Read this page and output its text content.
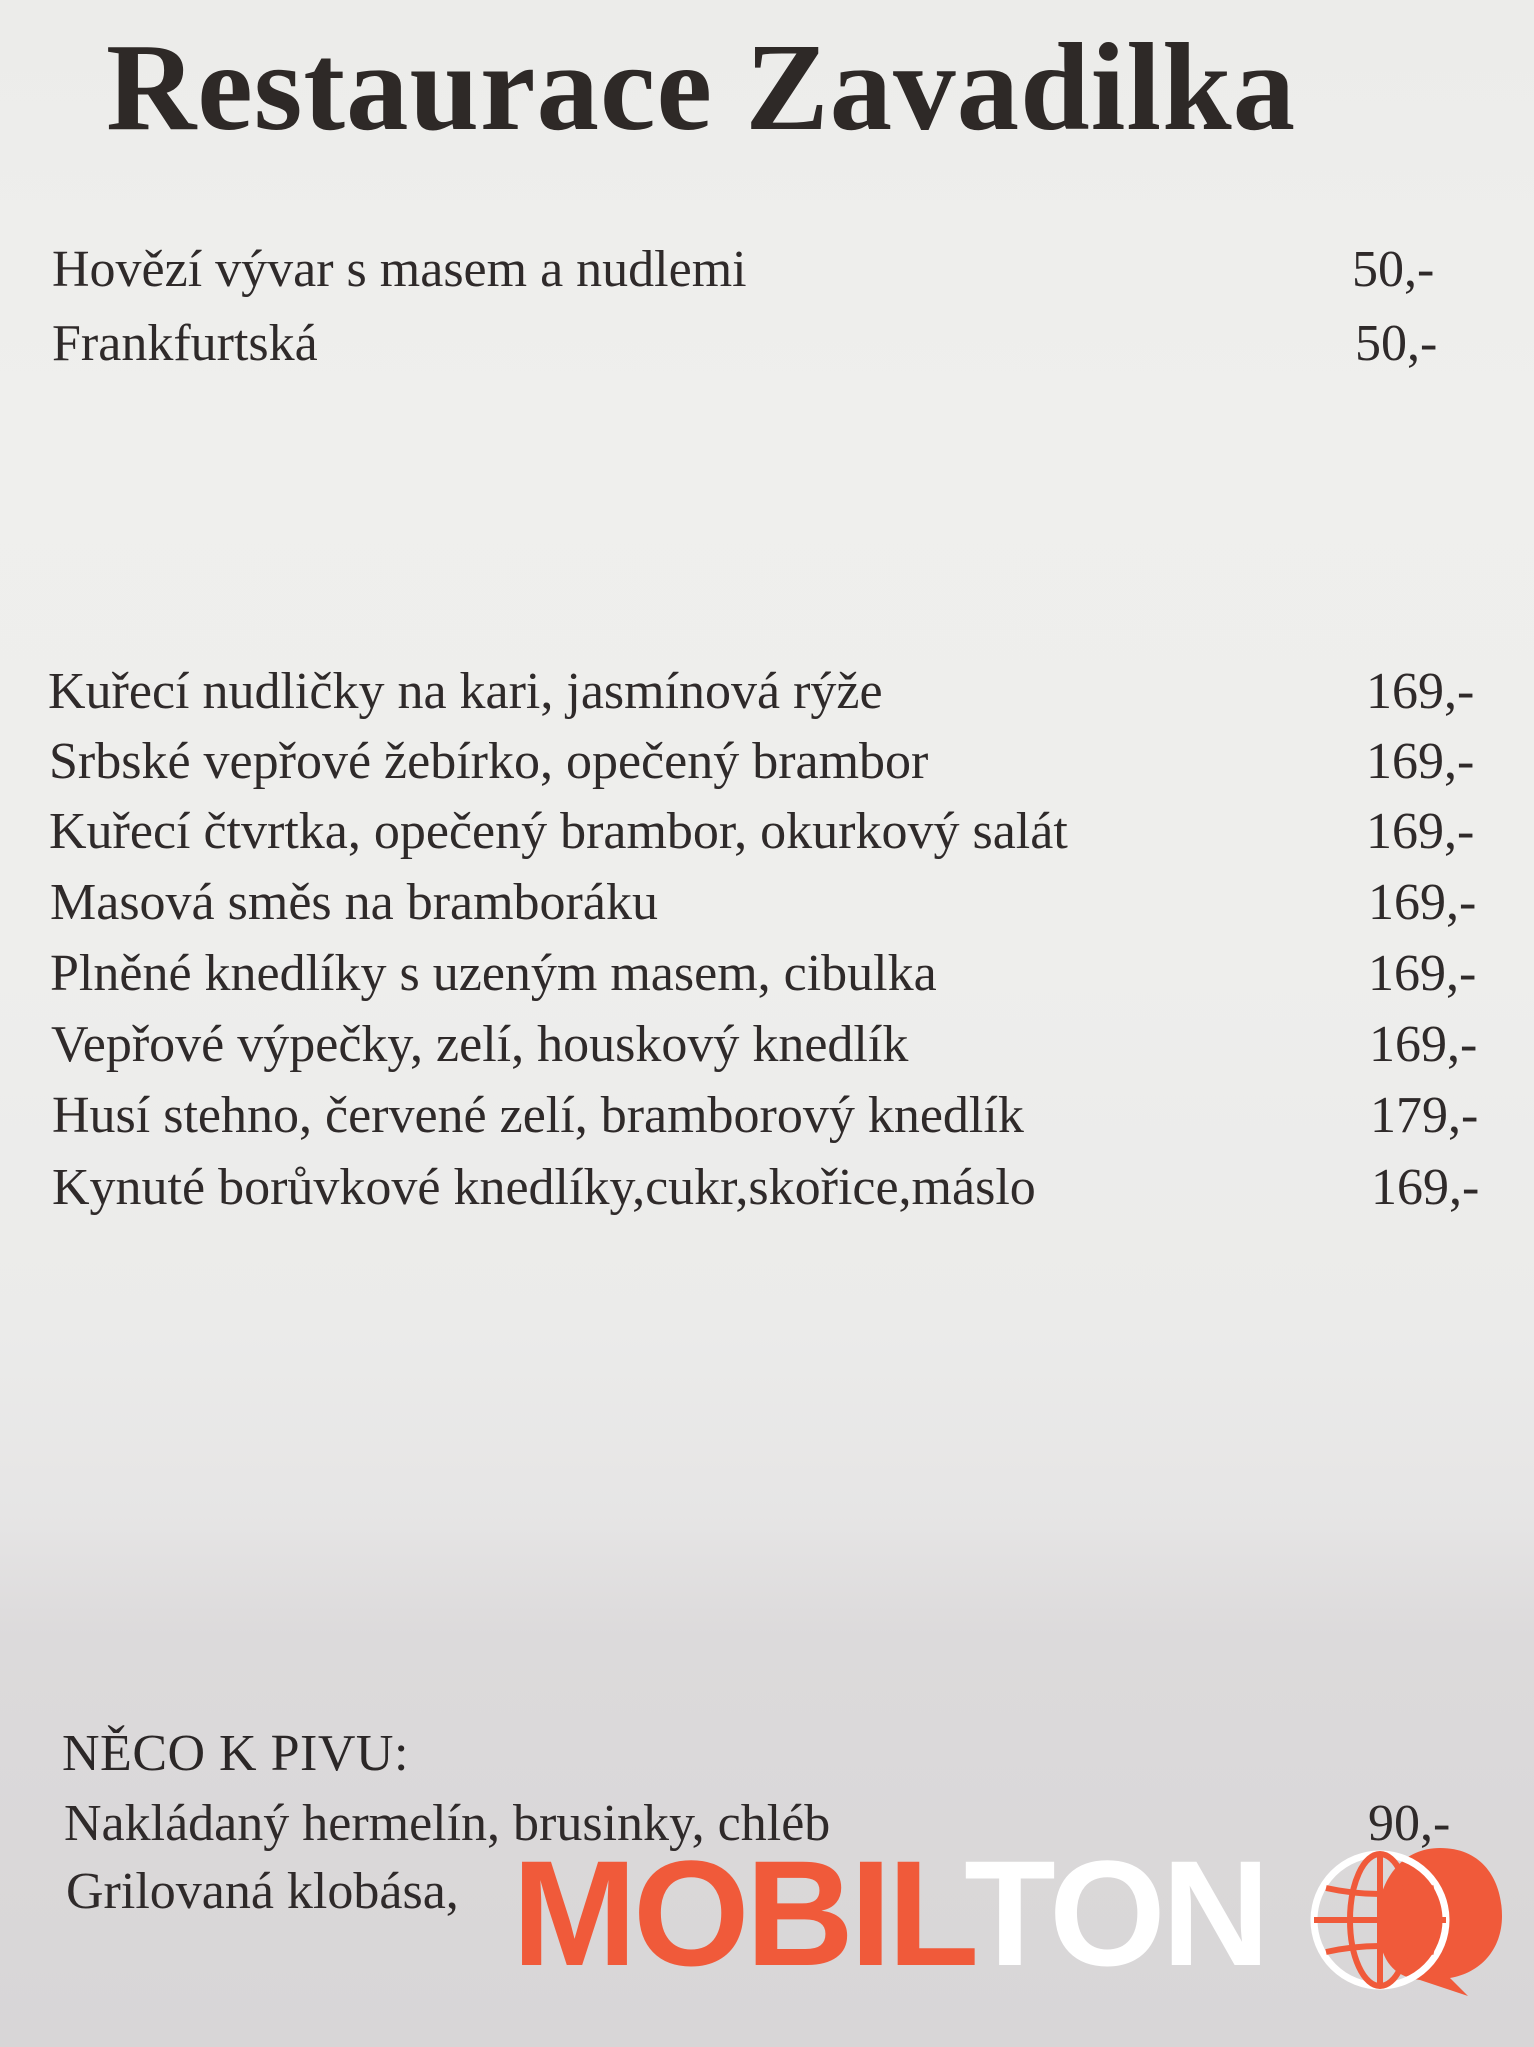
Restaurace Zavadilka
Hovězí vývar s masem a nudlemi	50,-
Frankfurtská	50,-
Kuřecí nudličky na kari, jasmínová rýže	169,-
Srbské vepřové žebírko, opečený brambor	169,-
Kuřecí čtvrtka, opečený brambor, okurkový salát	169,-
Masová směs na bramboráku	169,-
Plněné knedlíky s uzeným masem, cibulka	169,-
Vepřové výpečky, zelí, houskový knedlík	169,-
Husí stehno, červené zelí, bramborový knedlík	179,-
Kynuté borůvkové knedlíky,cukr,skořice,máslo	169,-
NĚCO K PIVU:
Nakládaný hermelín, brusinky, chléb	90,-
Grilovaná klobása, MOBILTON
